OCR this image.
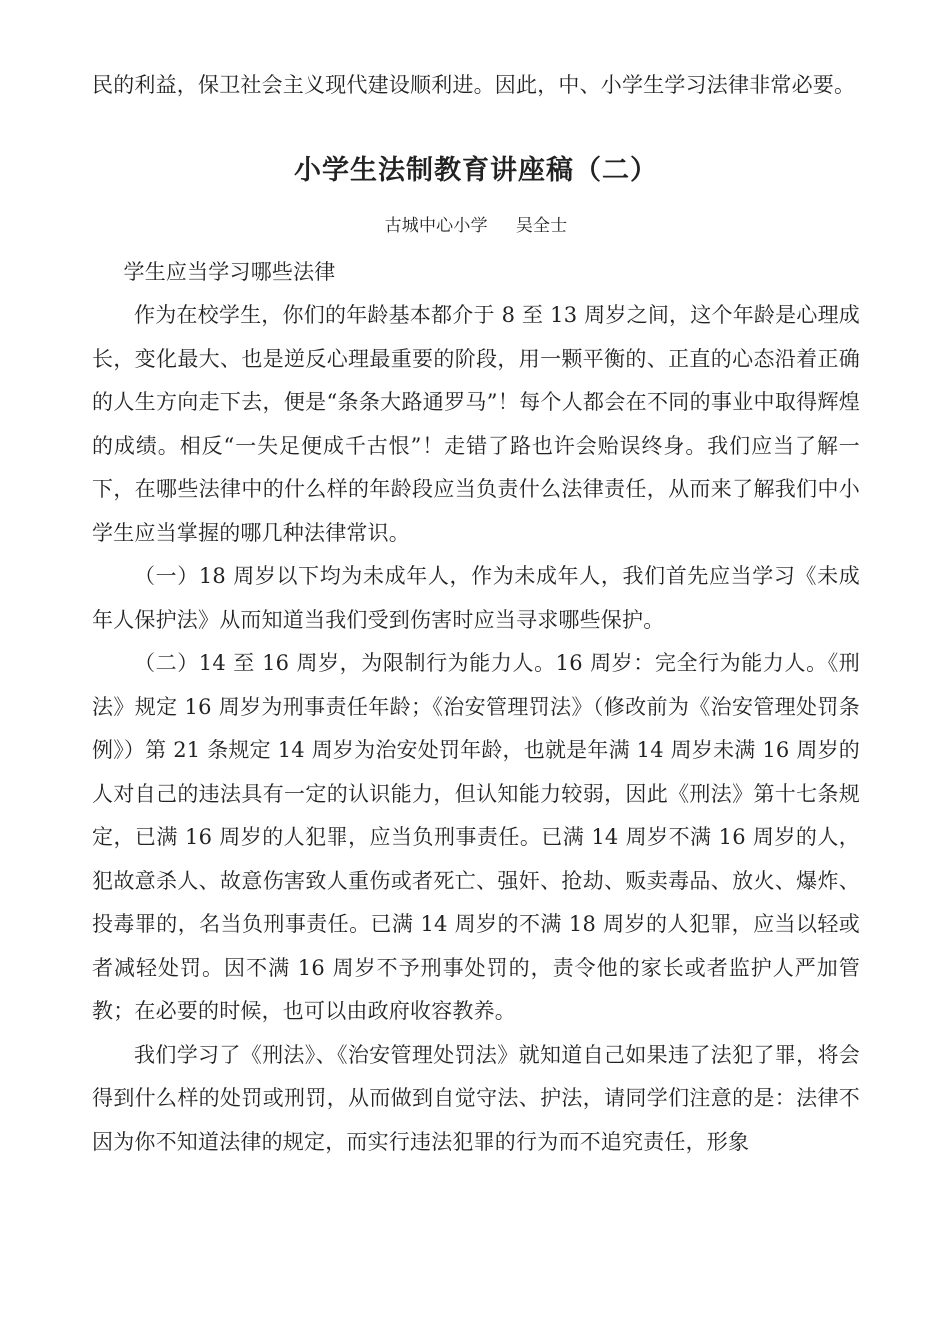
民的利益，保卫社会主义现代建设顺利进。因此，中、小学生学习法律非常必要。

小学生法制教育讲座稿（二）

古城中心小学 吴全士

学生应当学习哪些法律

作为在校学生，你们的年龄基本都介于 8 至 13 周岁之间，这个年龄是心理成长，变化最大、也是逆反心理最重要的阶段，用一颗平衡的、正直的心态沿着正确的人生方向走下去，便是“条条大路通罗马”！每个人都会在不同的事业中取得辉煌的成绩。相反“一失足便成千古恨”！走错了路也许会贻误终身。我们应当了解一下，在哪些法律中的什么样的年龄段应当负责什么法律责任，从而来了解我们中小学生应当掌握的哪几种法律常识。

（一）18 周岁以下均为未成年人，作为未成年人，我们首先应当学习《未成年人保护法》从而知道当我们受到伤害时应当寻求哪些保护。

（二）14 至 16 周岁，为限制行为能力人。16 周岁：完全行为能力人。《刑法》规定 16 周岁为刑事责任年龄；《治安管理罚法》（修改前为《治安管理处罚条例》）第 21 条规定 14 周岁为治安处罚年龄，也就是年满 14 周岁未满 16 周岁的人对自己的违法具有一定的认识能力，但认知能力较弱，因此《刑法》第十七条规定，已满 16 周岁的人犯罪，应当负刑事责任。已满 14 周岁不满 16 周岁的人，犯故意杀人、故意伤害致人重伤或者死亡、强奸、抢劫、贩卖毒品、放火、爆炸、投毒罪的，名当负刑事责任。已满 14 周岁的不满 18 周岁的人犯罪，应当以轻或者减轻处罚。因不满 16 周岁不予刑事处罚的，责令他的家长或者监护人严加管教；在必要的时候，也可以由政府收容教养。

我们学习了《刑法》、《治安管理处罚法》就知道自己如果违了法犯了罪，将会得到什么样的处罚或刑罚，从而做到自觉守法、护法，请同学们注意的是：法律不因为你不知道法律的规定，而实行违法犯罪的行为而不追究责任，形象
